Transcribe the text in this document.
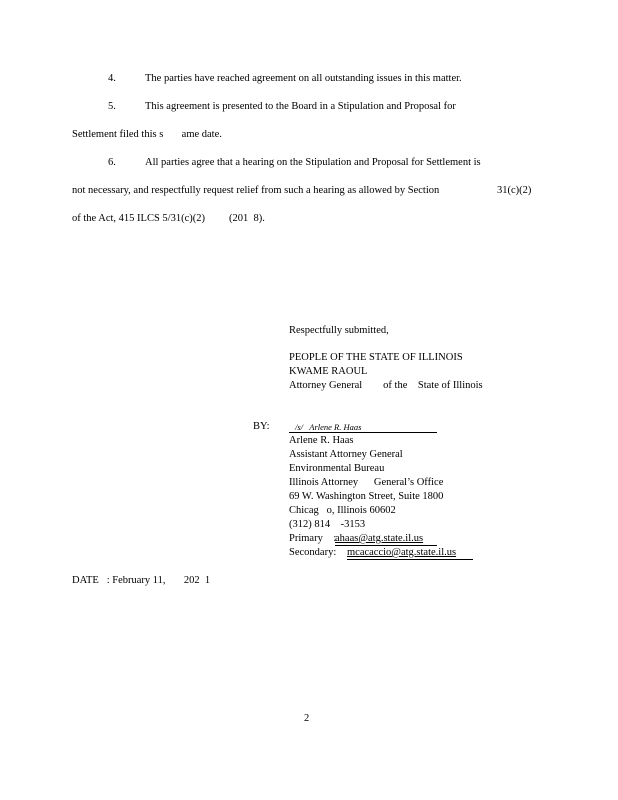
4.	The parties have reached agreement on all outstanding issues in this matter.
5.	This agreement is presented to the Board in a Stipulation and Proposal for
Settlement filed this s       ame date.
6.	All parties agree that a hearing on the Stipulation and Proposal for Settlement is
not necessary, and respectfully request relief from such a hearing as allowed by Section	31(c)(2)
of the Act, 415 ILCS 5/31(c)(2) (201  8).
Respectfully submitted,
PEOPLE OF THE STATE OF ILLINOIS
KWAME RAOUL
Attorney General        of the    State of Illinois
BY:	/s/   Arlene R. Haas
Arlene R. Haas
Assistant Attorney General
Environmental Bureau
Illinois Attorney      General’s Office
69 W. Washington Street, Suite 1800
Chicag   o, Illinois 60602
(312) 814    -3153
Primary    :
ahaas@atg.state.il.us
Secondary: mcacaccio@atg.state.il.us
DATE   : February 11,       202  1
2
